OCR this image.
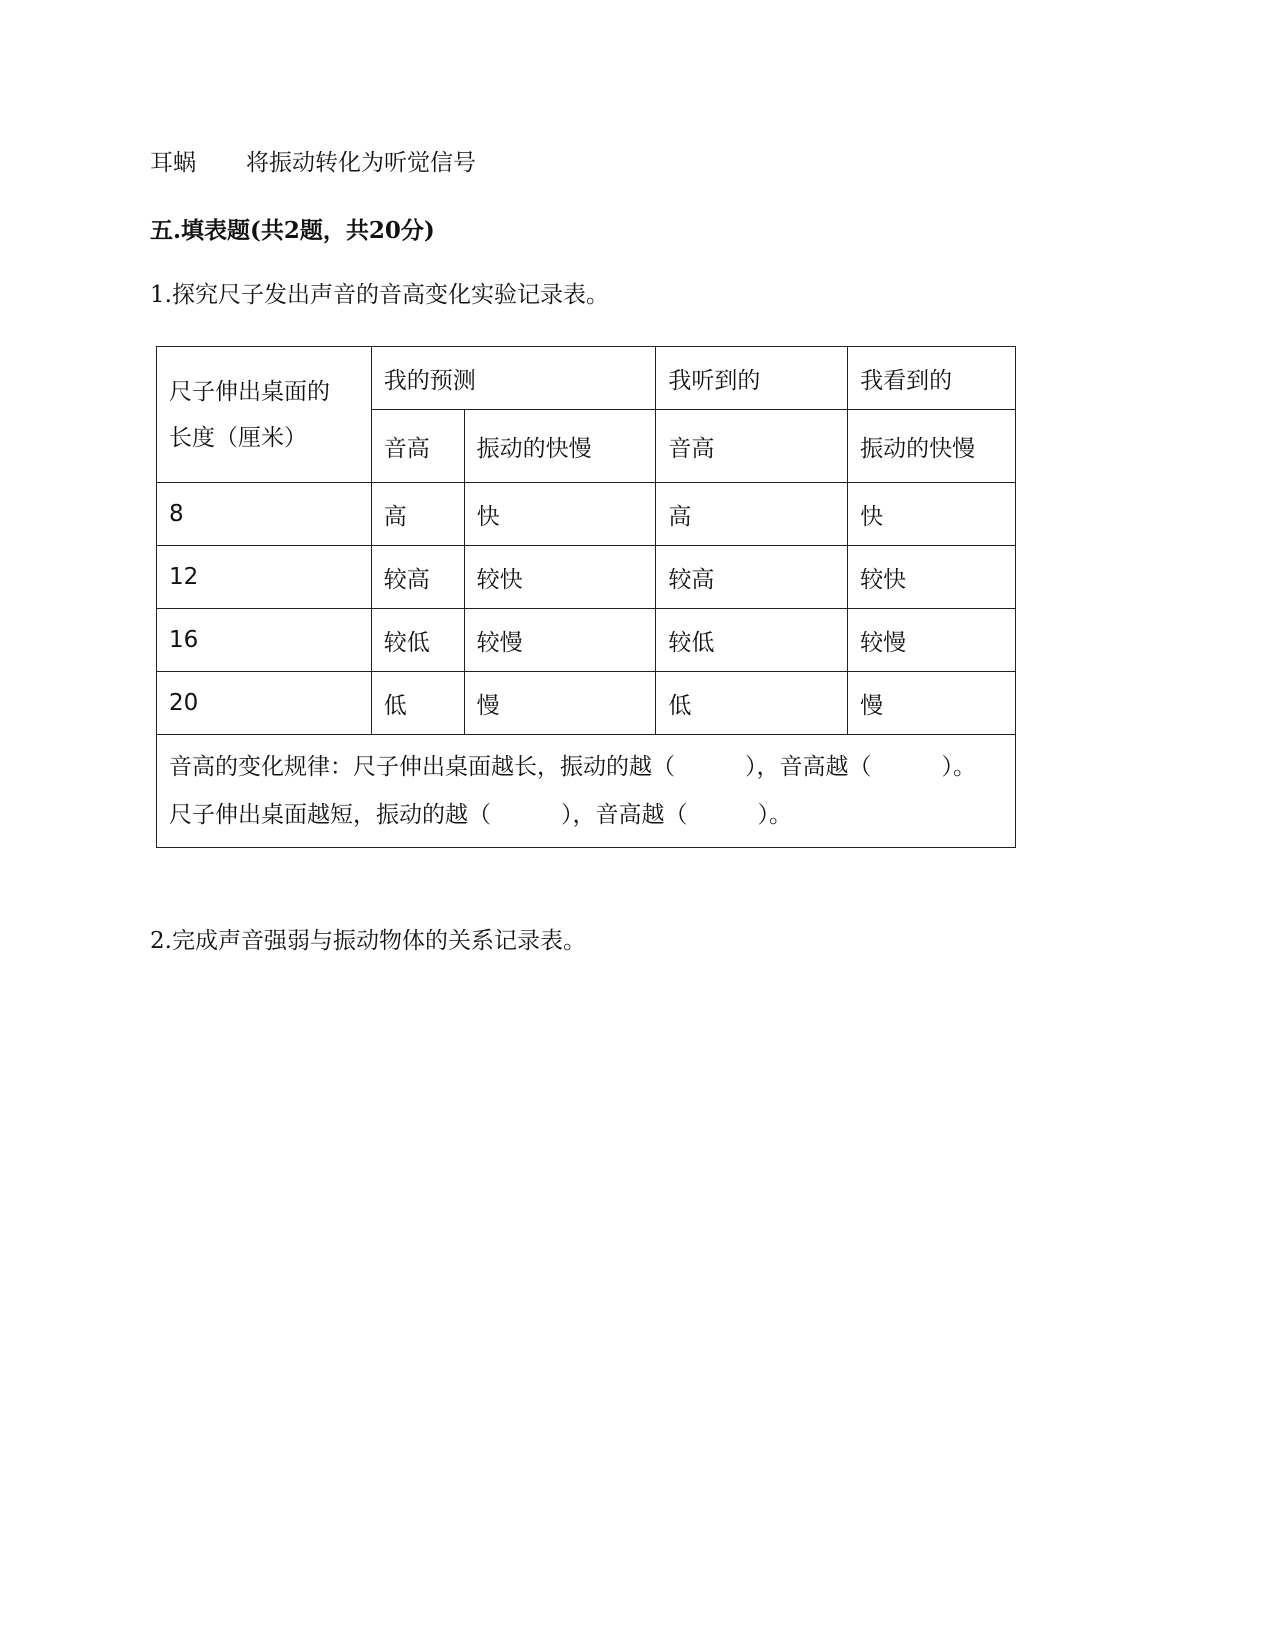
耳蜗 将振动转化为听觉信号
五.填表题(共2题，共20分)
1.探究尺子发出声音的音高变化实验记录表。
尺子伸出桌面的
长度（厘米）	我的预测		我听到的	我看到的
	音高	振动的快慢	音高	振动的快慢
8	高	快	高	快
12	较高	较快	较高	较快
16	较低	较慢	较低	较慢
20	低	慢	低	慢
音高的变化规律：尺子伸出桌面越长，振动的越（ ），音高越（ ）。
尺子伸出桌面越短，振动的越（ ），音高越（ ）。				
2.完成声音强弱与振动物体的关系记录表。
